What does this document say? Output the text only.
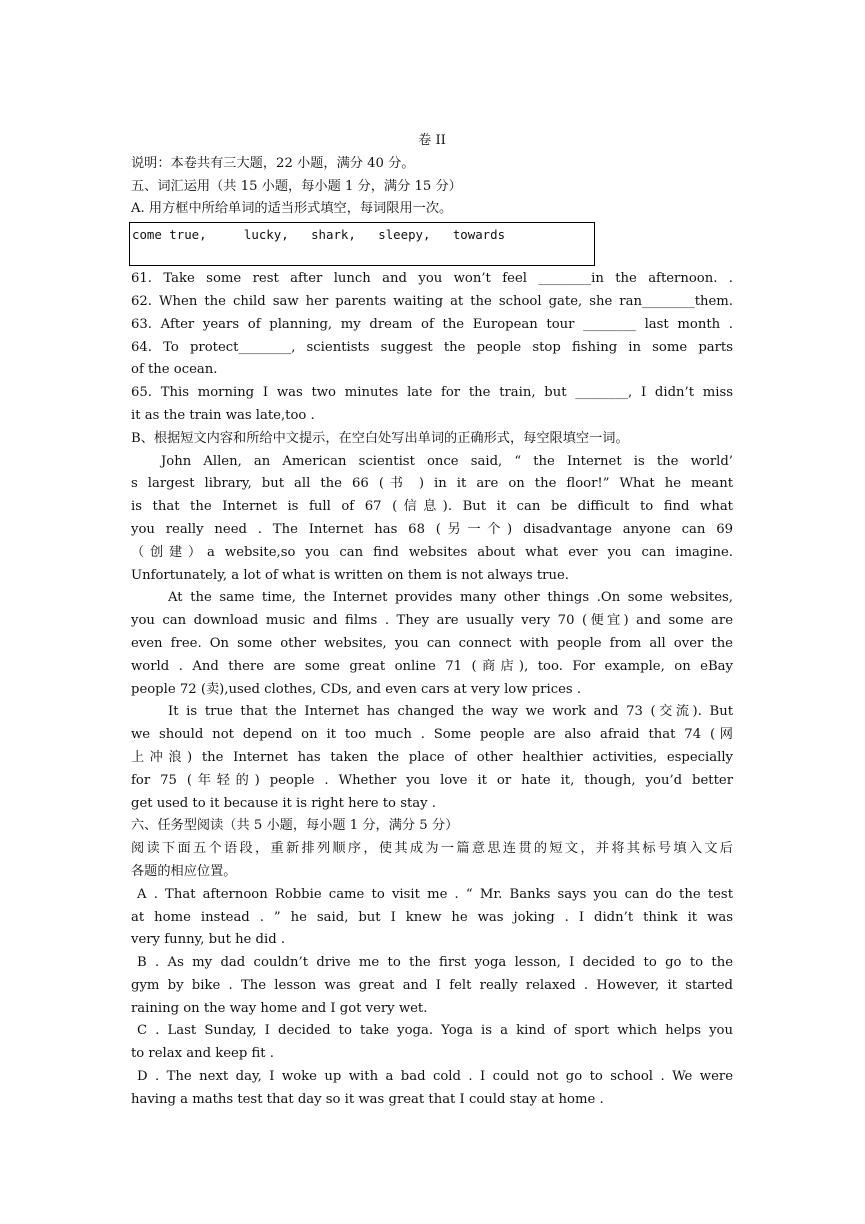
卷 II
说明：本卷共有三大题，22 小题，满分 40 分。
五、词汇运用（共 15 小题，每小题 1 分，满分 15 分）
A. 用方框中所给单词的适当形式填空，每词限用一次。
come true,	lucky, shark, sleepy, towards
61. Take some rest after lunch and you won’t feel ________in the afternoon. .
62. When the child saw her parents waiting at the school gate, she ran________them.
63. After years of planning, my dream of the European tour ________ last month .
64. To protect________, scientists suggest the people stop fishing in some parts
of the ocean.
65. This morning I was two minutes late for the train, but ________, I didn’t miss
it as the train was late,too .
B、根据短文内容和所给中文提示，在空白处写出单词的正确形式，每空限填空一词。
John Allen, an American scientist once said, “ the Internet is the world’
s largest library, but all the 66 (书 ) in it are on the floor!” What he meant
is that the Internet is full of 67 (信息). But it can be difficult to find what
you really need . The Internet has 68 (另一个) disadvantage anyone can 69
（创建）a website,so you can find websites about what ever you can imagine.
Unfortunately, a lot of what is written on them is not always true.
At the same time, the Internet provides many other things .On some websites,
you can download music and films . They are usually very 70 (便宜) and some are
even free. On some other websites, you can connect with people from all over the
world . And there are some great online 71 (商店), too. For example, on eBay
people 72 (卖),used clothes, CDs, and even cars at very low prices .
It is true that the Internet has changed the way we work and 73 (交流). But
we should not depend on it too much . Some people are also afraid that 74 (网
上冲浪) the Internet has taken the place of other healthier activities, especially
for 75 (年轻的) people . Whether you love it or hate it, though, you’d better
get used to it because it is right here to stay .
六、任务型阅读（共 5 小题，每小题 1 分，满分 5 分）
阅读下面五个语段，重新排列顺序，使其成为一篇意思连贯的短文，并将其标号填入文后
各题的相应位置。
A . That afternoon Robbie came to visit me . “ Mr. Banks says you can do the test
at home instead . ” he said, but I knew he was joking . I didn’t think it was
very funny, but he did .
B . As my dad couldn’t drive me to the first yoga lesson, I decided to go to the
gym by bike . The lesson was great and I felt really relaxed . However, it started
raining on the way home and I got very wet.
C . Last Sunday, I decided to take yoga. Yoga is a kind of sport which helps you
to relax and keep fit .
D . The next day, I woke up with a bad cold . I could not go to school . We were
having a maths test that day so it was great that I could stay at home .
